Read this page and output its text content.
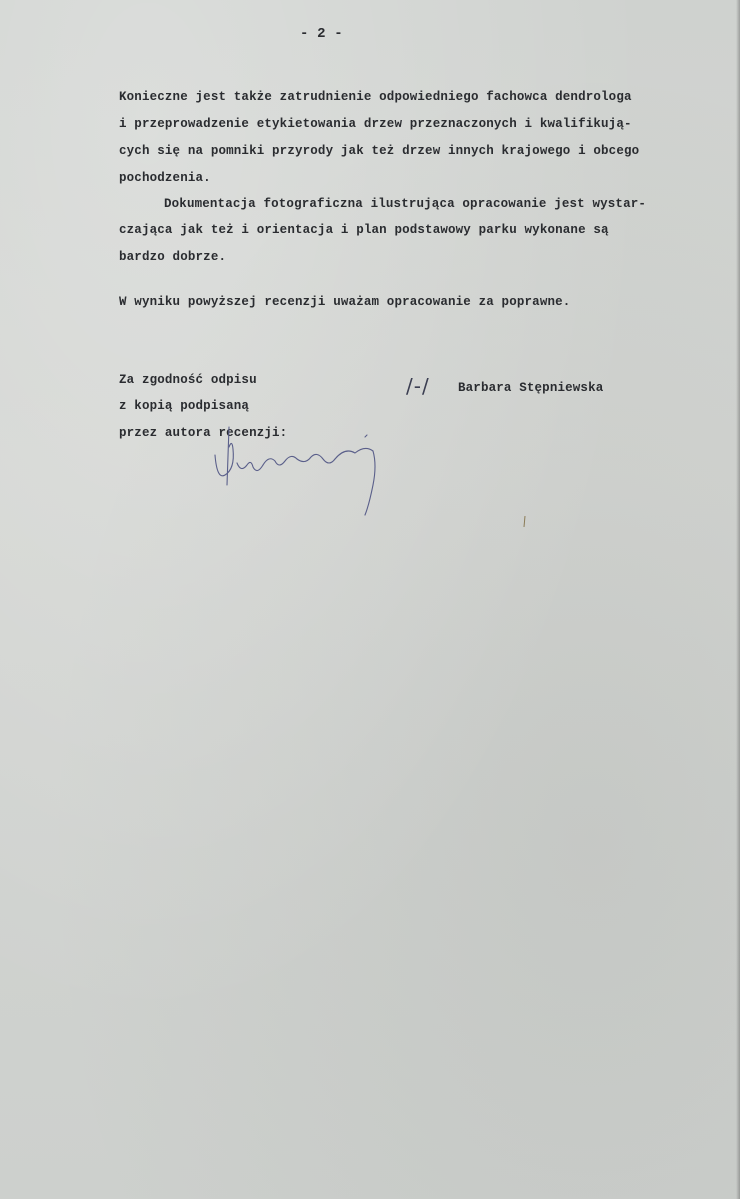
- 2 -
Konieczne jest także zatrudnienie odpowiedniego fachowca dendrologa
i przeprowadzenie etykietowania drzew przeznaczonych i kwalifikują-
cych się na pomniki przyrody jak też drzew innych krajowego i obcego
pochodzenia.
Dokumentacja fotograficzna ilustrująca opracowanie jest wystar-
czająca jak też i orientacja i plan podstawowy parku wykonane są
bardzo dobrze.
W wyniku powyższej recenzji uważam opracowanie za poprawne.
Za zgodność odpisu
z kopią podpisaną
przez autora recenzji:
/-/ Barbara Stępniewska
